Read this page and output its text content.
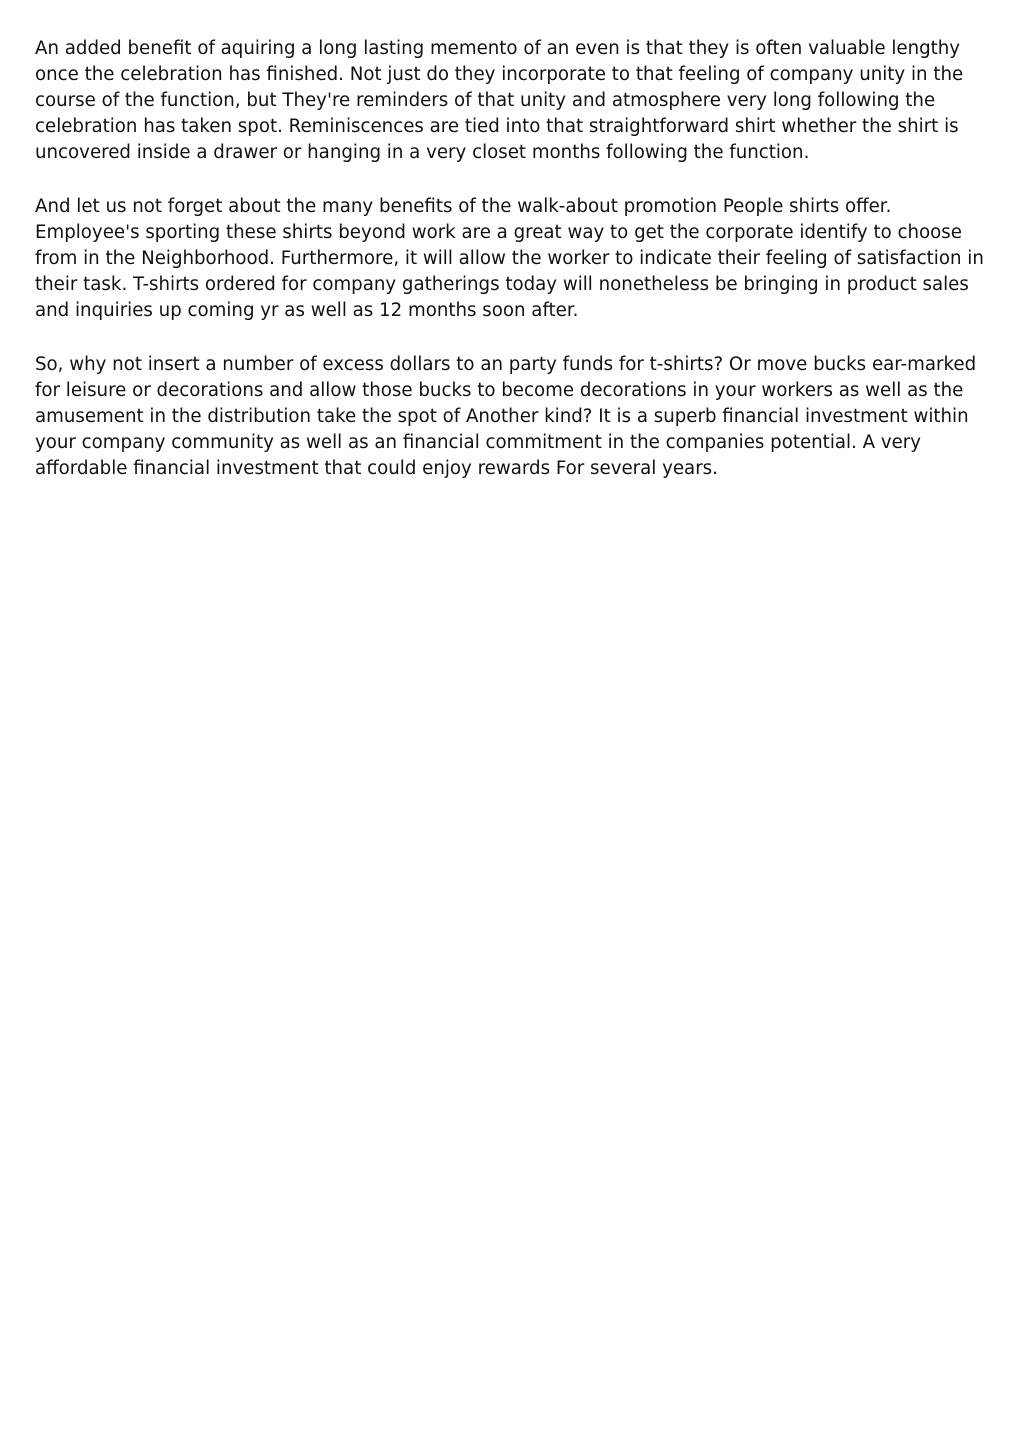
An added benefit of aquiring a long lasting memento of an even is that they is often valuable lengthy once the celebration has finished. Not just do they incorporate to that feeling of company unity in the course of the function, but They're reminders of that unity and atmosphere very long following the celebration has taken spot. Reminiscences are tied into that straightforward shirt whether the shirt is uncovered inside a drawer or hanging in a very closet months following the function.

And let us not forget about the many benefits of the walk-about promotion People shirts offer. Employee's sporting these shirts beyond work are a great way to get the corporate identify to choose from in the Neighborhood. Furthermore, it will allow the worker to indicate their feeling of satisfaction in their task. T-shirts ordered for company gatherings today will nonetheless be bringing in product sales and inquiries up coming yr as well as 12 months soon after.

So, why not insert a number of excess dollars to an party funds for t-shirts? Or move bucks ear-marked for leisure or decorations and allow those bucks to become decorations in your workers as well as the amusement in the distribution take the spot of Another kind? It is a superb financial investment within your company community as well as an financial commitment in the companies potential. A very affordable financial investment that could enjoy rewards For several years.
